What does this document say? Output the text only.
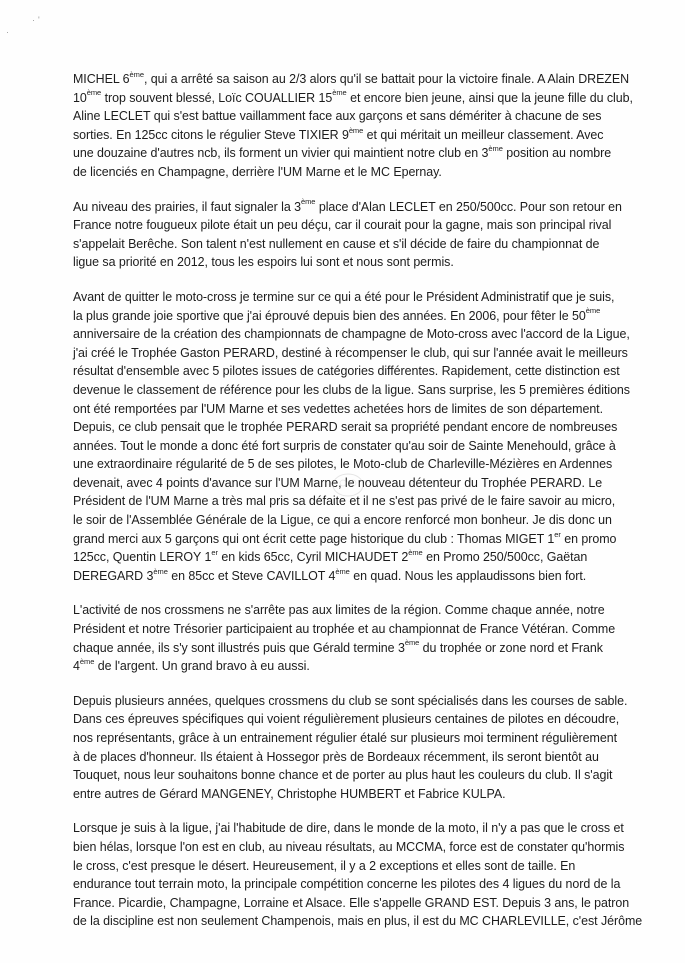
· '
·

MICHEL 6ème, qui a arrêté sa saison au 2/3 alors qu'il se battait pour la victoire finale. A Alain DREZEN
10ème trop souvent blessé, Loïc COUALLIER 15ème et encore bien jeune, ainsi que la jeune fille du club,
Aline LECLET qui s'est battue vaillamment face aux garçons et sans démériter à chacune de ses
sorties. En 125cc citons le régulier Steve TIXIER 9ème et qui méritait un meilleur classement. Avec
une douzaine d'autres ncb, ils forment un vivier qui maintient notre club en 3ème position au nombre
de licenciés en Champagne, derrière l'UM Marne et le MC Epernay.

Au niveau des prairies, il faut signaler la 3ème place d'Alan LECLET en 250/500cc. Pour son retour en
France notre fougueux pilote était un peu déçu, car il courait pour la gagne, mais son principal rival
s'appelait Berêche. Son talent n'est nullement en cause et s'il décide de faire du championnat de
ligue sa priorité en 2012, tous les espoirs lui sont et nous sont permis.

Avant de quitter le moto-cross je termine sur ce qui a été pour le Président Administratif que je suis,
la plus grande joie sportive que j'ai éprouvé depuis bien des années. En 2006, pour fêter le 50ème
anniversaire de la création des championnats de champagne de Moto-cross avec l'accord de la Ligue,
j'ai créé le Trophée Gaston PERARD, destiné à récompenser le club, qui sur l'année avait le meilleurs
résultat d'ensemble avec 5 pilotes issues de catégories différentes. Rapidement, cette distinction est
devenue le classement de référence pour les clubs de la ligue. Sans surprise, les 5 premières éditions
ont été remportées par l'UM Marne et ses vedettes achetées hors de limites de son département.
Depuis, ce club pensait que le trophée PERARD serait sa propriété pendant encore de nombreuses
années. Tout le monde a donc été fort surpris de constater qu'au soir de Sainte Menehould, grâce à
une extraordinaire régularité de 5 de ses pilotes, le Moto-club de Charleville-Mézières en Ardennes
devenait, avec 4 points d'avance sur l'UM Marne, le nouveau détenteur du Trophée PERARD. Le
Président de l'UM Marne a très mal pris sa défaite et il ne s'est pas privé de le faire savoir au micro,
le soir de l'Assemblée Générale de la Ligue, ce qui a encore renforcé mon bonheur. Je dis donc un
grand merci aux 5 garçons qui ont écrit cette page historique du club : Thomas MIGET 1er en promo
125cc, Quentin LEROY 1er en kids 65cc, Cyril MICHAUDET 2ème en Promo 250/500cc, Gaëtan
DEREGARD 3ème en 85cc et Steve CAVILLOT 4ème en quad. Nous les applaudissons bien fort.

L'activité de nos crossmens ne s'arrête pas aux limites de la région. Comme chaque année, notre
Président et notre Trésorier participaient au trophée et au championnat de France Vétéran. Comme
chaque année, ils s'y sont illustrés puis que Gérald termine 3ème du trophée or zone nord et Frank
4ème de l'argent. Un grand bravo à eu aussi.

Depuis plusieurs années, quelques crossmens du club se sont spécialisés dans les courses de sable.
Dans ces épreuves spécifiques qui voient régulièrement plusieurs centaines de pilotes en découdre,
nos représentants, grâce à un entrainement régulier étalé sur plusieurs moi terminent régulièrement
à de places d'honneur. Ils étaient à Hossegor près de Bordeaux récemment, ils seront bientôt au
Touquet, nous leur souhaitons bonne chance et de porter au plus haut les couleurs du club. Il s'agit
entre autres de Gérard MANGENEY, Christophe HUMBERT et Fabrice KULPA.

Lorsque je suis à la ligue, j'ai l'habitude de dire, dans le monde de la moto, il n'y a pas que le cross et
bien hélas, lorsque l'on est en club, au niveau résultats, au MCCMA, force est de constater qu'hormis
le cross, c'est presque le désert. Heureusement, il y a 2 exceptions et elles sont de taille. En
endurance tout terrain moto, la principale compétition concerne les pilotes des 4 ligues du nord de la
France. Picardie, Champagne, Lorraine et Alsace. Elle s'appelle GRAND EST. Depuis 3 ans, le patron
de la discipline est non seulement Champenois, mais en plus, il est du MC CHARLEVILLE, c'est Jérôme
